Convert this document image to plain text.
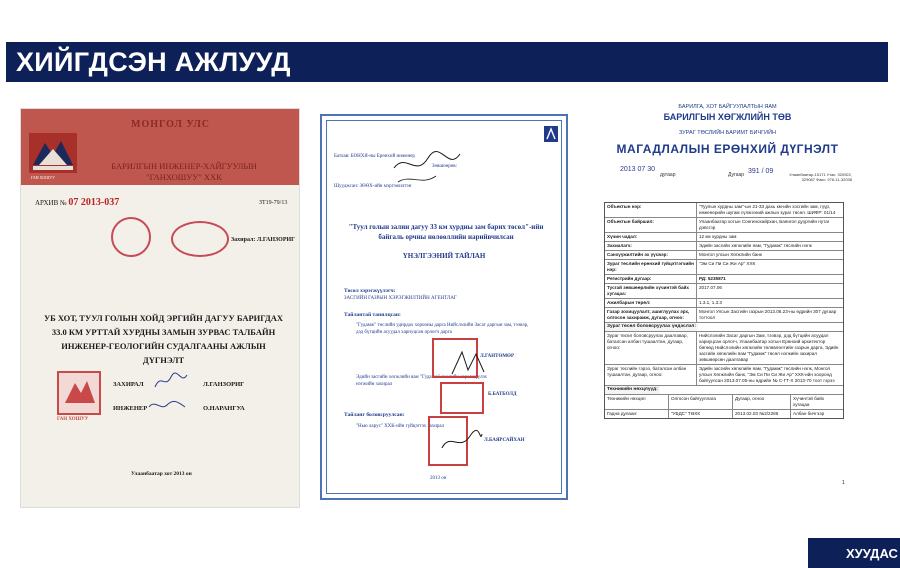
ХИЙГДСЭН АЖЛУУД
МОНГОЛ УЛС
БАРИЛГЫН ИНЖЕНЕР-ХАЙГУУЛЫН
"ГАНХОШУУ" ХХК
ГАН ХОШУУ
АРХИВ № 07 2013-037	ЗТ19-79/13
Захирал: Л.ГАНЗОРИГ
УБ ХОТ, ТУУЛ ГОЛЫН ХОЙД ЭРГИЙН ДАГУУ БАРИГДАХ 33.0 КМ УРТТАЙ ХУРДНЫ ЗАМЫН ЗУРВАС ТАЛБАЙН ИНЖЕНЕР-ГЕОЛОГИЙН СУДАЛГААНЫ АЖЛЫН ДҮГНЭЛТ
ГАН ХОШУУ
ЗАХИРАЛ	Л.ГАНЗОРИГ
ИНЖЕНЕР	О.НАРАНГУА
Улаанбаатар хот 2013 он
Батлав: БОНХЯ-ны Ерөнхий инженер
Зөвшөөрөв:
Шууджсан: ЗӨӨХ-ийн мэргэжилтэн
"Туул голын залин дагуу 33 км хурдны зам барих төсөл"-ийн байгаль орчны нөлөөллийн нарийвчилсан
ҮНЭЛГЭЭНИЙ ТАЙЛАН
Төсөл хэрэгжүүлэгч:
ЗАСГИЙН ГАЗРЫН ХЭРЭГЖИЛТИЙН АГЕНТЛАГ
Тайлантай танилцсан:
"Гудамж" төслийн удирдах хорооны дарга Нийслэлийн Засаг даргын зам, тээвэр, дэд бүтцийн асуудал хариуцсан орлогч дарга
Л.ГАНТӨМӨР
Эдийн засгийн хөгжлийн яам "Гудамж" төслийн хэрэгжүүлэх нэгжийн захирал
Б.БАТБОЛД
Тайланг боловсруулсан:
"Нью ларус" ХХК-ийн гүйцэтгэх захирал
Л.БАЯРСАЙХАН
2013 он
БАРИЛГА, ХОТ БАЙГУУЛАЛТЫН ЯАМ
БАРИЛГЫН ХӨГЖЛИЙН ТӨВ
ЗУРАГ ТӨСЛИЙН БАРИМТ БИЧГИЙН
МАГАДЛАЛЫН ЕРӨНХИЙ ДҮГНЭЛТ
2013 07 30
дугаар	Дугаар 391 / 09	Улаанбаатар-15171 Утас: 320922, 329087 Факс: 976-11-32038
Объектын нэр:	"Туулын хурдны зам"-ын 21-33 дахь км-ийн хэсгийн зам, гүүр, инженерийн шугам сүлжээний ажлын зураг төсөл. ШИФР: 01/14
Объектын байршил:	Улаанбаатар хотын Сонгинохайрхан, Баянгол дүүргийн нутаг дэвсгэр
Хүчин чадал:	12 км хурдны зам
Захиалагч:	Эдийн засгийн хөгжлийн яам, "Гудамж" төслийн нэгж
Санхүүжилтийн эх үүсвэр:	Монгол улсын Хөгжлийн банк
Зураг төслийн ерөнхий гүйцэтгэгчийн нэр:
"Эм Си Пи Си Жи Ар" ХХК
Регистрийн дугаар:	РД: 5235871
Тусгай зөвшөөрлийн хүчинтэй байх хугацаа:
2017.07.06
Ажилбарын төрөл:	1.3.1, 1.3.3
Газар зохицуулалт, ашиглуулах эрх, олгосон захирамж, дугаар, огноо:
Монгол Улсын Засгийн газрын 2013.06.23-ны өдрийн 307 дугаар тогтоол
Зураг төсөл боловсруулах үндэслэл:
Зураг төсөл боловсруулах даалгавар, баталсан албан тушаалтан, дугаар, огноо:
Нийслэлийн Засаг даргын Зам, тээвэр, дэд бүтцийн асуудал хариуцсан орлогч, Улаанбаатар хотын Ерөнхий архитектор бөгөөд Нийслэлийн хөгжлийн төлөвлөлтийн газрын дарга, Эдийн засгийн хөгжлийн яам "Гудамж" төсөл нэгжийн захирал зөвшөөрсөн даалгавар
Зураг төслийн гэрээ, баталсан албан тушаалтан, дугаар, огноо:
Эдийн засгийн хөгжлийн яам, "Гудамж" төслийн нэгж, Монгол улсын Хөгжлийн банк, "Эм Си Пи Си Жи Ар" ХХК-ийн хооронд байгуулсан 2013.07.05-ны өдрийн № С-ГТ-Х 2013-70 тоот гэрээ
Техникийн нөхцлүүд:
Техникийн нөхцөл	Олгосон байгууллага	Дугаар, огноо	Хүчинтэй байх хугацаа
Гадна дулаан:	"УБДС" ТӨХК	2013.02.03 №2/2286	Албан бичгээр
1
ХУУДАС
